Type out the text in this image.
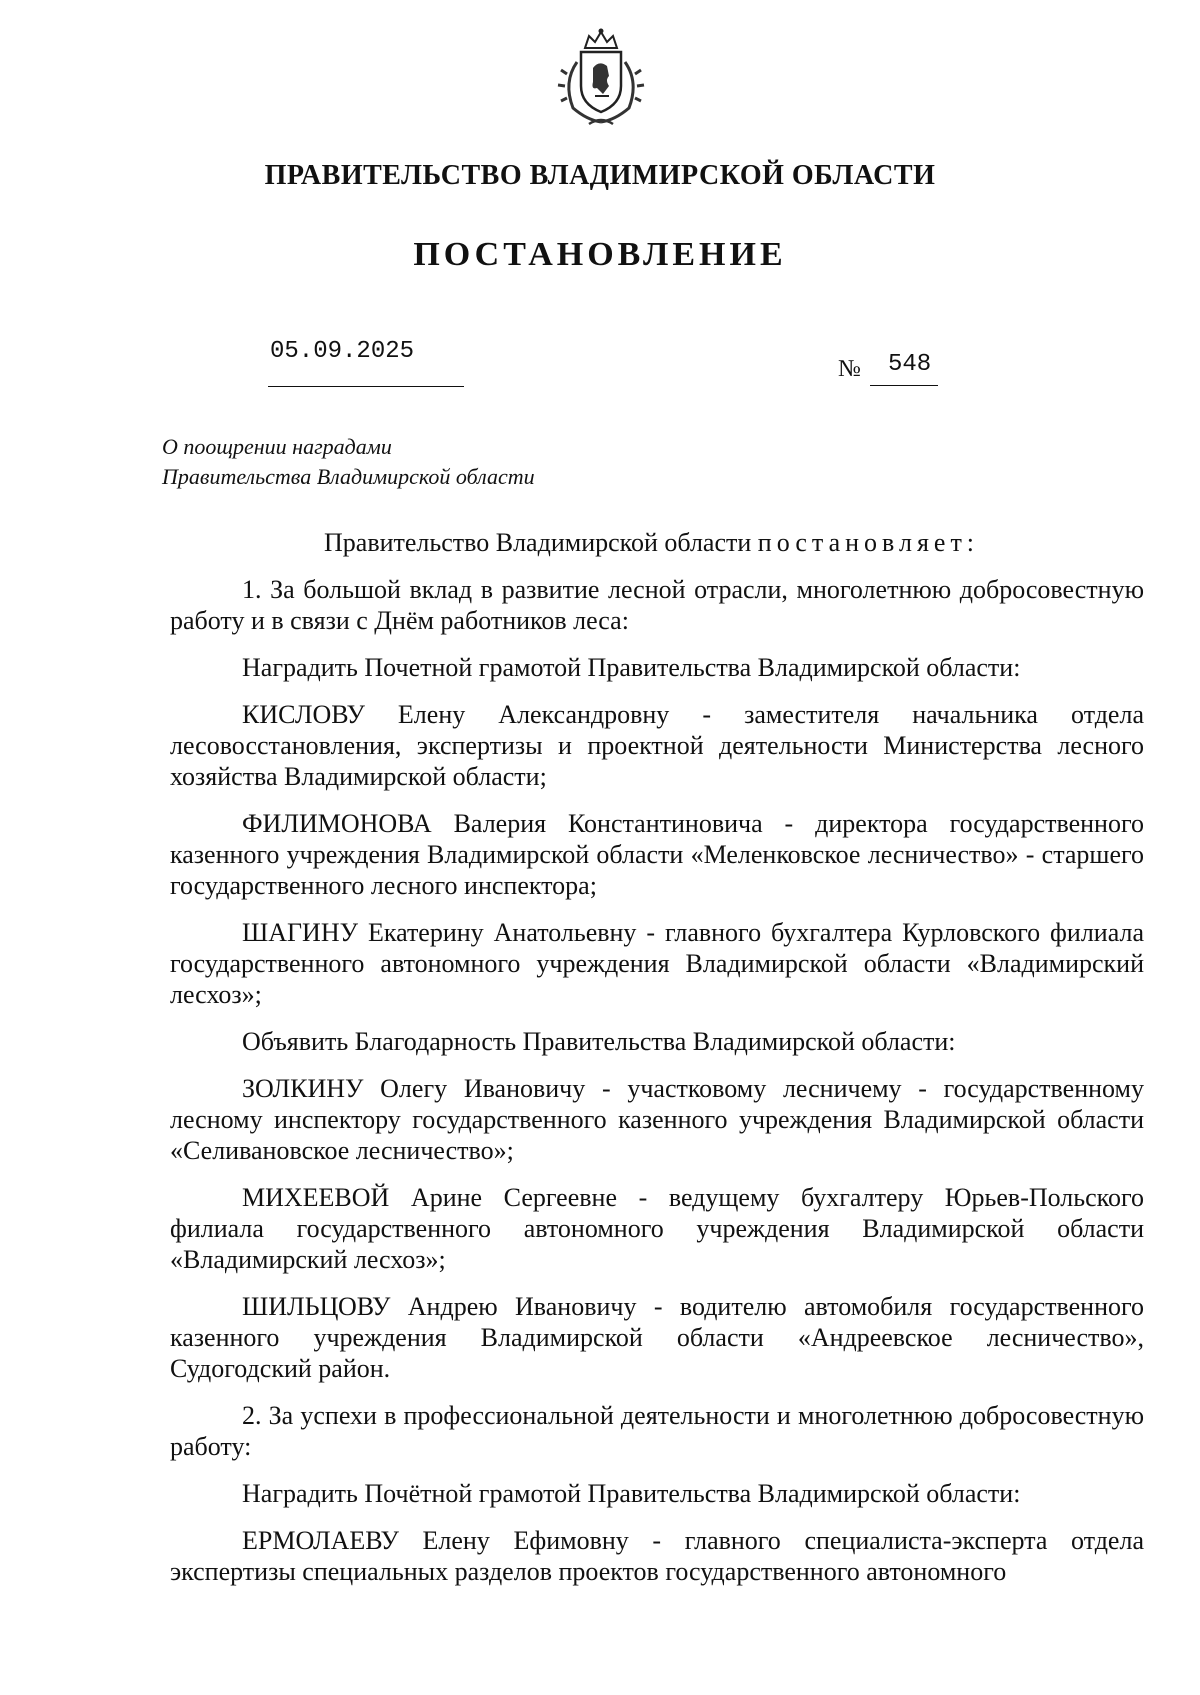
ПРАВИТЕЛЬСТВО ВЛАДИМИРСКОЙ ОБЛАСТИ
ПОСТАНОВЛЕНИЕ
05.09.2025
№ 548
О поощрении наградами
Правительства Владимирской области

Правительство Владимирской области постановляет:

1. За большой вклад в развитие лесной отрасли, многолетнюю добросовестную работу и в связи с Днём работников леса:

Наградить Почетной грамотой Правительства Владимирской области:

КИСЛОВУ Елену Александровну - заместителя начальника отдела лесовосстановления, экспертизы и проектной деятельности Министерства лесного хозяйства Владимирской области;

ФИЛИМОНОВА Валерия Константиновича - директора государственного казенного учреждения Владимирской области «Меленковское лесничество» - старшего государственного лесного инспектора;

ШАГИНУ Екатерину Анатольевну - главного бухгалтера Курловского филиала государственного автономного учреждения Владимирской области «Владимирский лесхоз»;

Объявить Благодарность Правительства Владимирской области:

ЗОЛКИНУ Олегу Ивановичу - участковому лесничему - государственному лесному инспектору государственного казенного учреждения Владимирской области «Селивановское лесничество»;

МИХЕЕВОЙ Арине Сергеевне - ведущему бухгалтеру Юрьев-Польского филиала государственного автономного учреждения Владимирской области «Владимирский лесхоз»;

ШИЛЬЦОВУ Андрею Ивановичу - водителю автомобиля государственного казенного учреждения Владимирской области «Андреевское лесничество», Судогодский район.

2. За успехи в профессиональной деятельности и многолетнюю добросовестную работу:

Наградить Почётной грамотой Правительства Владимирской области:

ЕРМОЛАЕВУ Елену Ефимовну - главного специалиста-эксперта отдела экспертизы специальных разделов проектов государственного автономного
